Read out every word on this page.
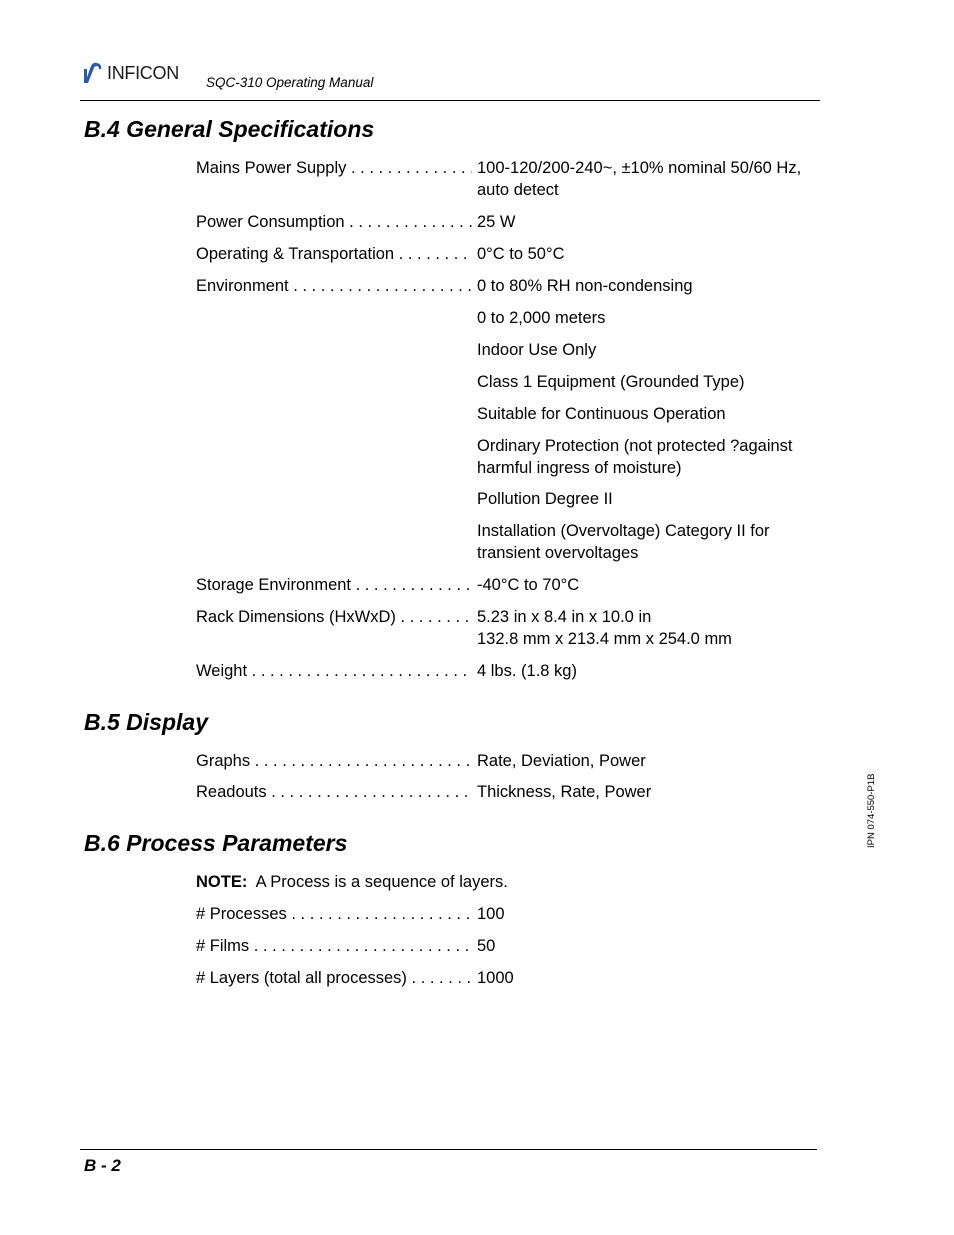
INFICON SQC-310 Operating Manual
B.4 General Specifications
Mains Power Supply . . .	100-120/200-240~, ±10% nominal 50/60 Hz,
auto detect
Power Consumption . . .	25 W
Operating & Transportation . . .	0°C to 50°C
Environment . . .	0 to 80% RH non-condensing
0 to 2,000 meters
Indoor Use Only
Class 1 Equipment (Grounded Type)
Suitable for Continuous Operation
Ordinary Protection (not protected ?against
harmful ingress of moisture)
Pollution Degree II
Installation (Overvoltage) Category II for
transient overvoltages
Storage Environment . . .	-40°C to 70°C
Rack Dimensions (HxWxD) . . .	5.23 in x 8.4 in x 10.0 in
132.8 mm x 213.4 mm x 254.0 mm
Weight . . .	4 lbs. (1.8 kg)
B.5 Display
Graphs . . .	Rate, Deviation, Power
Readouts . . .	Thickness, Rate, Power
B.6 Process Parameters
NOTE: A Process is a sequence of layers.
# Processes . . .	100
# Films . . .	50
# Layers (total all processes) . . .	1000
IPN 074-550-P1B
B - 2
